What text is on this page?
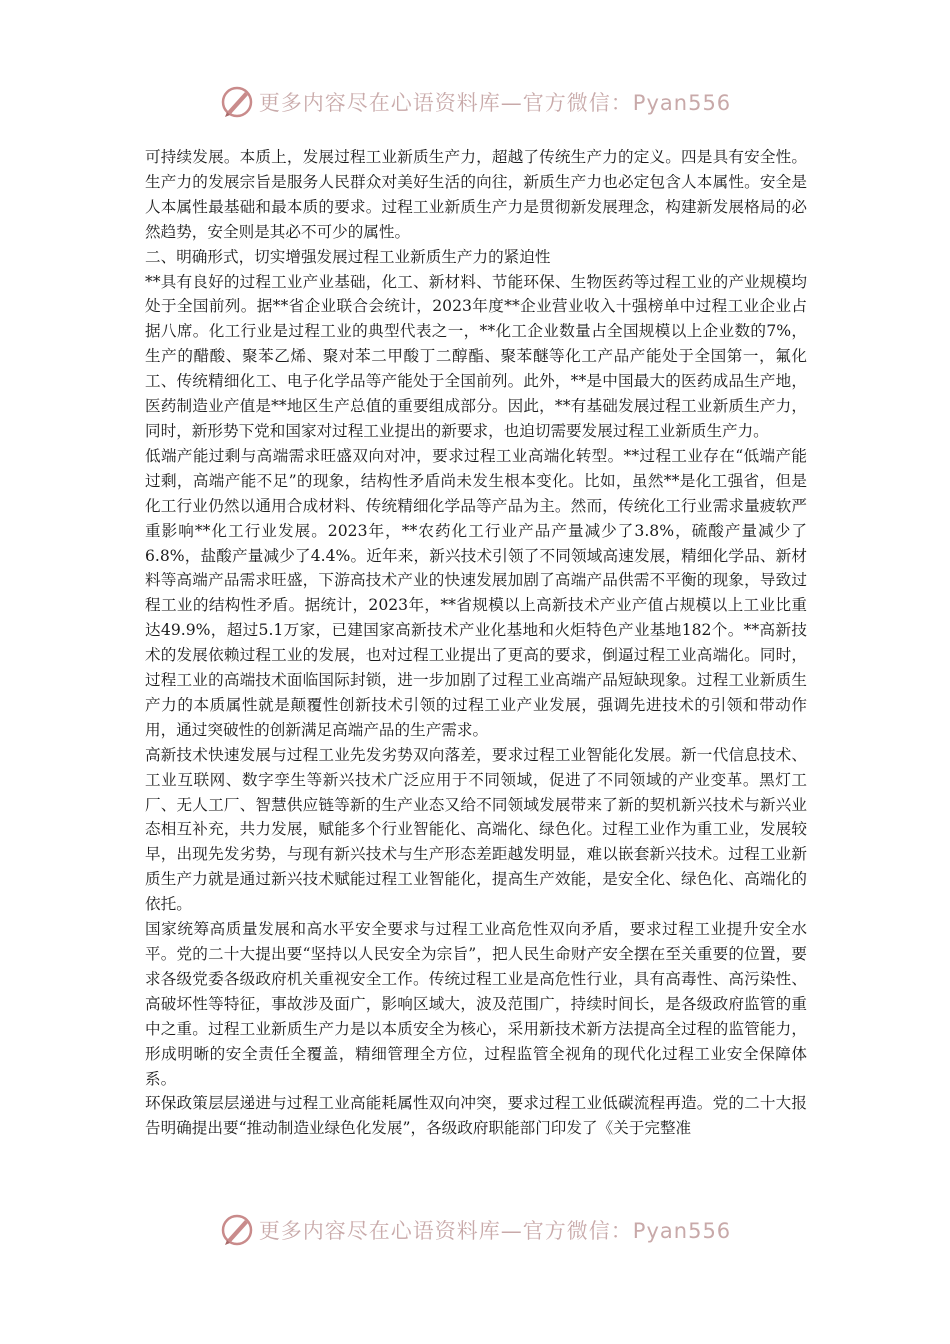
更多内容尽在心语资料库—官方微信：Pyan556

可持续发展。本质上，发展过程工业新质生产力，超越了传统生产力的定义。四是具有安全性。生产力的发展宗旨是服务人民群众对美好生活的向往，新质生产力也必定包含人本属性。安全是人本属性最基础和最本质的要求。过程工业新质生产力是贯彻新发展理念，构建新发展格局的必然趋势，安全则是其必不可少的属性。

二、明确形式，切实增强发展过程工业新质生产力的紧迫性

**具有良好的过程工业产业基础，化工、新材料、节能环保、生物医药等过程工业的产业规模均处于全国前列。据**省企业联合会统计，2023年度**企业营业收入十强榜单中过程工业企业占据八席。化工行业是过程工业的典型代表之一，**化工企业数量占全国规模以上企业数的7%，生产的醋酸、聚苯乙烯、聚对苯二甲酸丁二醇酯、聚苯醚等化工产品产能处于全国第一，氟化工、传统精细化工、电子化学品等产能处于全国前列。此外，**是中国最大的医药成品生产地，医药制造业产值是**地区生产总值的重要组成部分。因此，**有基础发展过程工业新质生产力，同时，新形势下党和国家对过程工业提出的新要求，也迫切需要发展过程工业新质生产力。

低端产能过剩与高端需求旺盛双向对冲，要求过程工业高端化转型。**过程工业存在“低端产能过剩，高端产能不足”的现象，结构性矛盾尚未发生根本变化。比如，虽然**是化工强省，但是化工行业仍然以通用合成材料、传统精细化学品等产品为主。然而，传统化工行业需求量疲软严重影响**化工行业发展。2023年，**农药化工行业产品产量减少了3.8%，硫酸产量减少了6.8%，盐酸产量减少了4.4%。近年来，新兴技术引领了不同领域高速发展，精细化学品、新材料等高端产品需求旺盛，下游高技术产业的快速发展加剧了高端产品供需不平衡的现象，导致过程工业的结构性矛盾。据统计，2023年，**省规模以上高新技术产业产值占规模以上工业比重达49.9%，超过5.1万家，已建国家高新技术产业化基地和火炬特色产业基地182个。**高新技术的发展依赖过程工业的发展，也对过程工业提出了更高的要求，倒逼过程工业高端化。同时，过程工业的高端技术面临国际封锁，进一步加剧了过程工业高端产品短缺现象。过程工业新质生产力的本质属性就是颠覆性创新技术引领的过程工业产业发展，强调先进技术的引领和带动作用，通过突破性的创新满足高端产品的生产需求。

高新技术快速发展与过程工业先发劣势双向落差，要求过程工业智能化发展。新一代信息技术、工业互联网、数字孪生等新兴技术广泛应用于不同领域，促进了不同领域的产业变革。黑灯工厂、无人工厂、智慧供应链等新的生产业态又给不同领域发展带来了新的契机新兴技术与新兴业态相互补充，共力发展，赋能多个行业智能化、高端化、绿色化。过程工业作为重工业，发展较早，出现先发劣势，与现有新兴技术与生产形态差距越发明显，难以嵌套新兴技术。过程工业新质生产力就是通过新兴技术赋能过程工业智能化，提高生产效能，是安全化、绿色化、高端化的依托。

国家统筹高质量发展和高水平安全要求与过程工业高危性双向矛盾，要求过程工业提升安全水平。党的二十大提出要“坚持以人民安全为宗旨”，把人民生命财产安全摆在至关重要的位置，要求各级党委各级政府机关重视安全工作。传统过程工业是高危性行业，具有高毒性、高污染性、高破坏性等特征，事故涉及面广，影响区域大，波及范围广，持续时间长，是各级政府监管的重中之重。过程工业新质生产力是以本质安全为核心，采用新技术新方法提高全过程的监管能力，形成明晰的安全责任全覆盖，精细管理全方位，过程监管全视角的现代化过程工业安全保障体系。

环保政策层层递进与过程工业高能耗属性双向冲突，要求过程工业低碳流程再造。党的二十大报告明确提出要“推动制造业绿色化发展”，各级政府职能部门印发了《关于完整准

更多内容尽在心语资料库—官方微信：Pyan556
